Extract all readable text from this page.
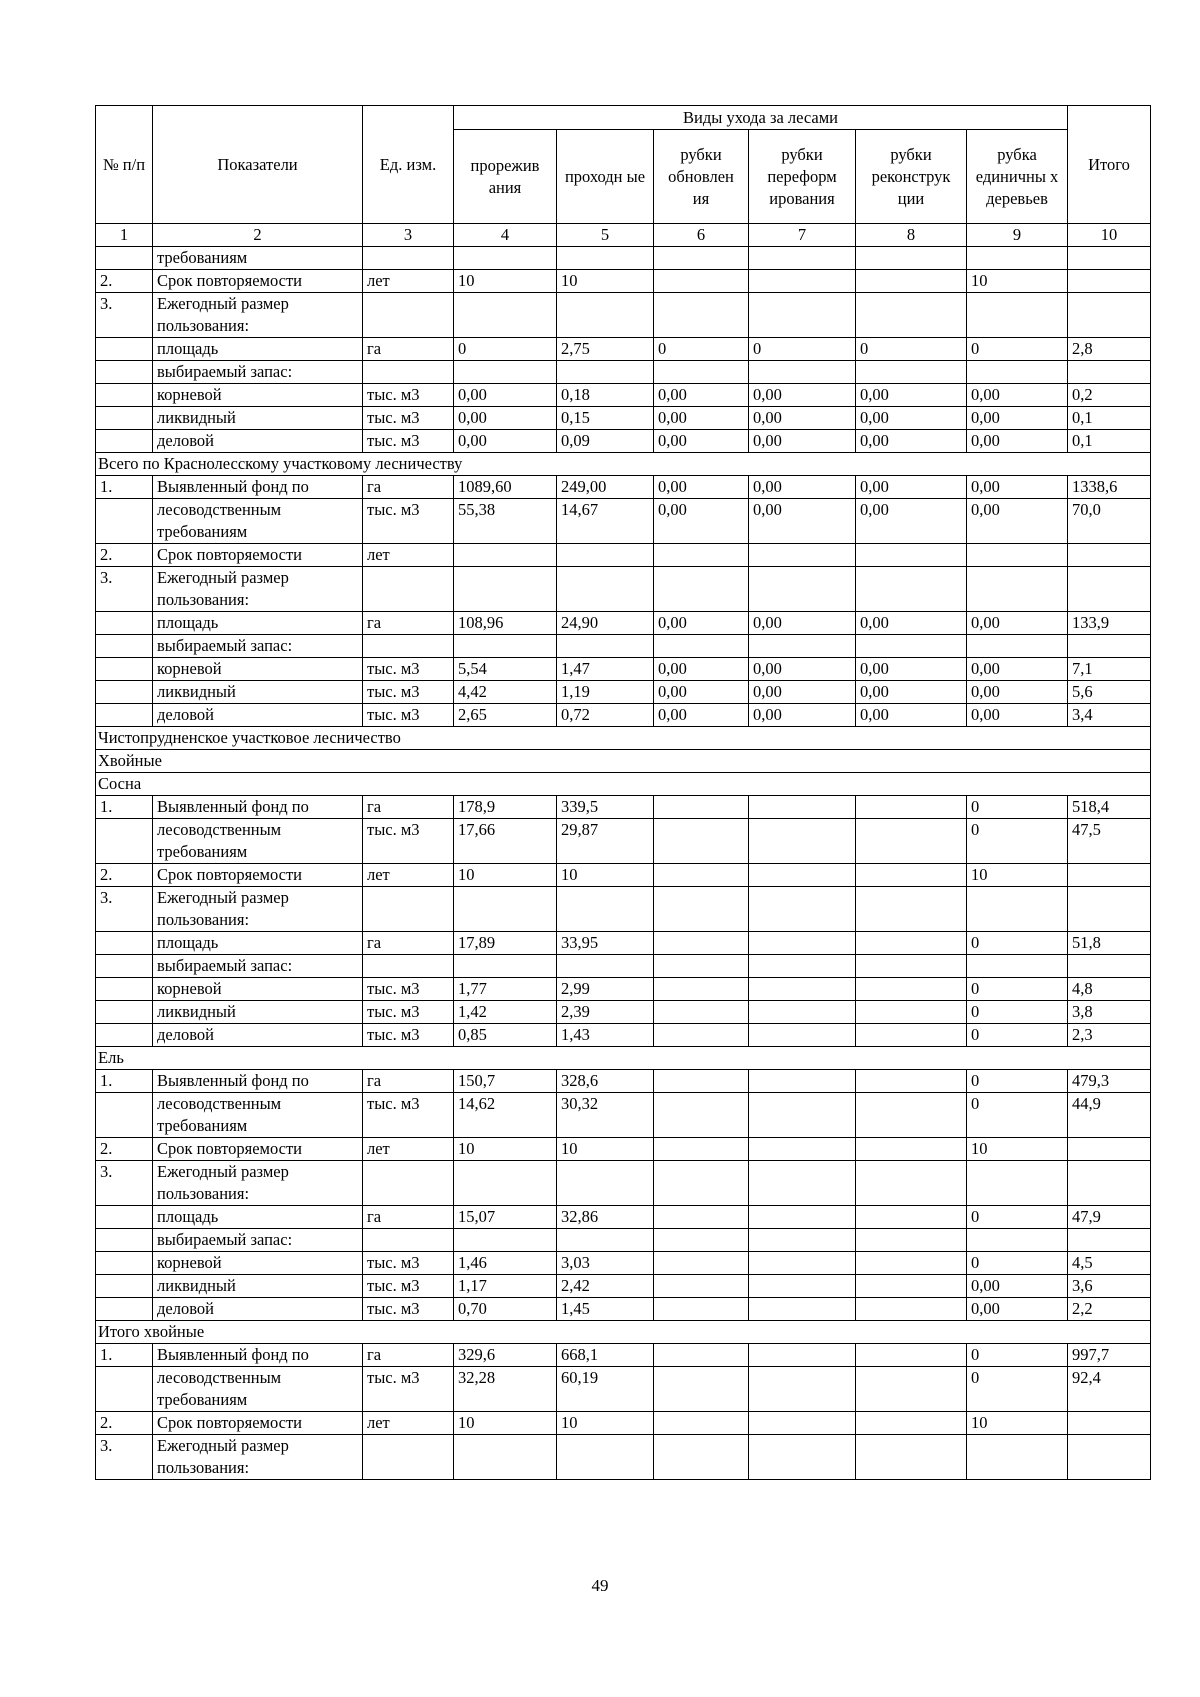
№ п/п	Показатели	Ед. изм.	Виды ухода за лесами						Итого
			прорежив ания	проходн ые	рубки обновлен ия	рубки переформ ирования	рубки реконструк ции	рубка единичны х деревьев	
1	2	3	4	5	6	7	8	9	10
	требованиям								
2.	Срок повторяемости	лет	10	10				10	
3.	Ежегодный размер пользования:								
	площадь	га	0	2,75	0	0	0	0	2,8
	выбираемый запас:								
	корневой	тыс. м3	0,00	0,18	0,00	0,00	0,00	0,00	0,2
	ликвидный	тыс. м3	0,00	0,15	0,00	0,00	0,00	0,00	0,1
	деловой	тыс. м3	0,00	0,09	0,00	0,00	0,00	0,00	0,1
Всего по Краснолесскому участковому лесничеству									
1.	Выявленный фонд по	га	1089,60	249,00	0,00	0,00	0,00	0,00	1338,6
	лесоводственным требованиям	тыс. м3	55,38	14,67	0,00	0,00	0,00	0,00	70,0
2.	Срок повторяемости	лет							
3.	Ежегодный размер пользования:								
	площадь	га	108,96	24,90	0,00	0,00	0,00	0,00	133,9
	выбираемый запас:								
	корневой	тыс. м3	5,54	1,47	0,00	0,00	0,00	0,00	7,1
	ликвидный	тыс. м3	4,42	1,19	0,00	0,00	0,00	0,00	5,6
	деловой	тыс. м3	2,65	0,72	0,00	0,00	0,00	0,00	3,4
Чистопрудненское участковое лесничество									
Хвойные									
Сосна									
1.	Выявленный фонд по	га	178,9	339,5				0	518,4
	лесоводственным требованиям	тыс. м3	17,66	29,87				0	47,5
2.	Срок повторяемости	лет	10	10				10	
3.	Ежегодный размер пользования:								
	площадь	га	17,89	33,95				0	51,8
	выбираемый запас:								
	корневой	тыс. м3	1,77	2,99				0	4,8
	ликвидный	тыс. м3	1,42	2,39				0	3,8
	деловой	тыс. м3	0,85	1,43				0	2,3
Ель									
1.	Выявленный фонд по	га	150,7	328,6				0	479,3
	лесоводственным требованиям	тыс. м3	14,62	30,32				0	44,9
2.	Срок повторяемости	лет	10	10				10	
3.	Ежегодный размер пользования:								
	площадь	га	15,07	32,86				0	47,9
	выбираемый запас:								
	корневой	тыс. м3	1,46	3,03				0	4,5
	ликвидный	тыс. м3	1,17	2,42				0,00	3,6
	деловой	тыс. м3	0,70	1,45				0,00	2,2
Итого хвойные									
1.	Выявленный фонд по	га	329,6	668,1				0	997,7
	лесоводственным требованиям	тыс. м3	32,28	60,19				0	92,4
2.	Срок повторяемости	лет	10	10				10	
3.	Ежегодный размер пользования:								
49
